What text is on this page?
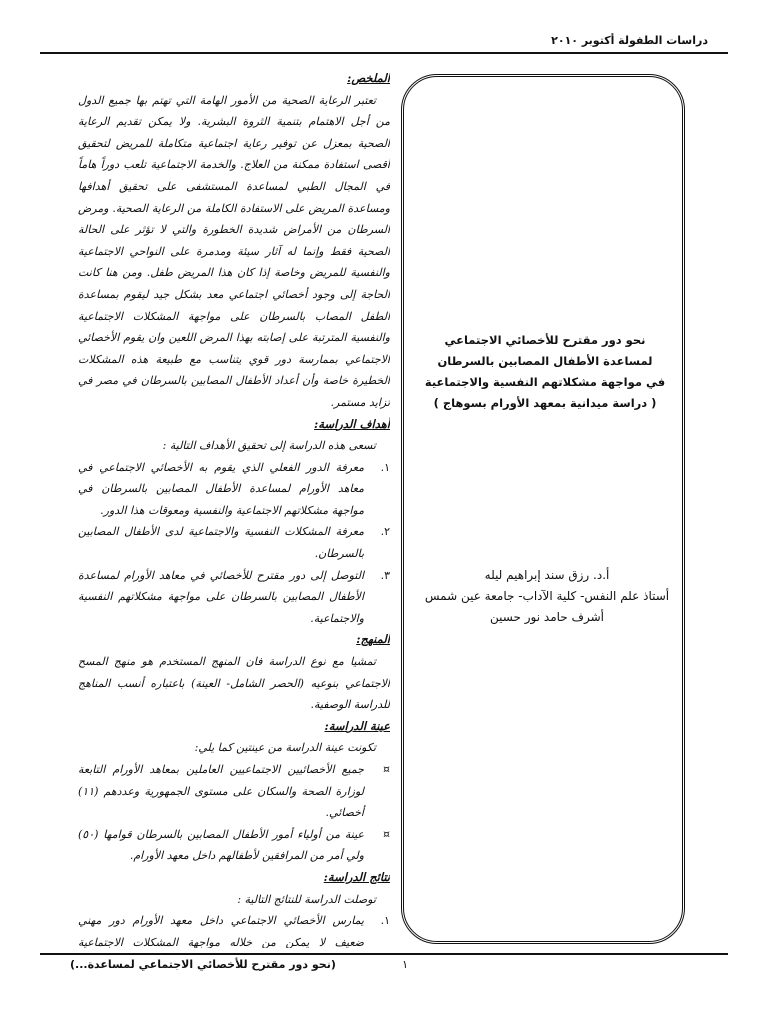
دراسات الطفولة أكتوبر ٢٠١٠
نحو دور مقترح للأخصائي الاجتماعي
لمساعدة الأطفال المصابين بالسرطان
في مواجهة مشكلاتهم النفسية والاجتماعية
( دراسة ميدانية بمعهد الأورام بسوهاج )
أ.د. رزق سند إبراهيم ليله
أستاذ علم النفس- كلية الآداب- جامعة عين شمس
أشرف حامد نور حسين
الملخص:

تعتبر الرعاية الصحية من الأمور الهامة التي تهتم بها جميع الدول من أجل الاهتمام بتنمية الثروة البشرية. ولا يمكن تقديم الرعاية الصحية بمعزل عن توفير رعاية اجتماعية متكاملة للمريض لتحقيق أقصى استفادة ممكنة من العلاج. والخدمة الاجتماعية تلعب دوراً هاماً في المجال الطبي لمساعدة المستشفى على تحقيق أهدافها ومساعدة المريض على الاستفادة الكاملة من الرعاية الصحية. ومرض السرطان من الأمراض شديدة الخطورة والتي لا تؤثر على الحالة الصحية فقط وإنما له آثار سيئة ومدمرة على النواحي الاجتماعية والنفسية للمريض وخاصة إذا كان هذا المريض طفل. ومن هنا كانت الحاجة إلى وجود أخصائي اجتماعي معد بشكل جيد ليقوم بمساعدة الطفل المصاب بالسرطان على مواجهة المشكلات الاجتماعية والنفسية المترتبة على إصابته بهذا المرض اللعين وان يقوم الأخصائي الاجتماعي بممارسة دور قوي يتناسب مع طبيعة هذه المشكلات الخطيرة خاصة وأن أعداد الأطفال المصابين بالسرطان في مصر في تزايد مستمر.

أهداف الدراسة:
تسعى هذه الدراسة إلى تحقيق الأهداف التالية :
١.
معرفة الدور الفعلي الذي يقوم به الأخصائي الاجتماعي في معاهد الأورام لمساعدة الأطفال المصابين بالسرطان في مواجهة مشكلاتهم الاجتماعية والنفسية ومعوقات هذا الدور.
٢.
معرفة المشكلات النفسية والاجتماعية لدى الأطفال المصابين بالسرطان.
٣.
التوصل إلى دور مقترح للأخصائي في معاهد الأورام لمساعدة الأطفال المصابين بالسرطان على مواجهة مشكلاتهم النفسية والاجتماعية.
المنهج:

تمشيا مع نوع الدراسة فان المنهج المستخدم هو منهج المسح الاجتماعي بنوعيه (الحصر الشامل- العينة) باعتباره أنسب المناهج للدراسة الوصفية.

عينة الدراسة:
تكونت عينة الدراسة من عينتين كما يلي:
¤
جميع الأخصائيين الاجتماعيين العاملين بمعاهد الأورام التابعة لوزارة الصحة والسكان على مستوى الجمهورية وعددهم (١١) أخصائي.
¤
عينة من أولياء أمور الأطفال المصابين بالسرطان قوامها (٥٠) ولي أمر من المرافقين لأطفالهم داخل معهد الأورام.
نتائج الدراسة:
توصلت الدراسة للنتائج التالية :
١.
يمارس الأخصائي الاجتماعي داخل معهد الأورام دور مهني ضعيف لا يمكن من خلاله مواجهة المشكلات الاجتماعية
(نحو دور مقترح للأخصائي الاجتماعي لمساعدة...)	١
